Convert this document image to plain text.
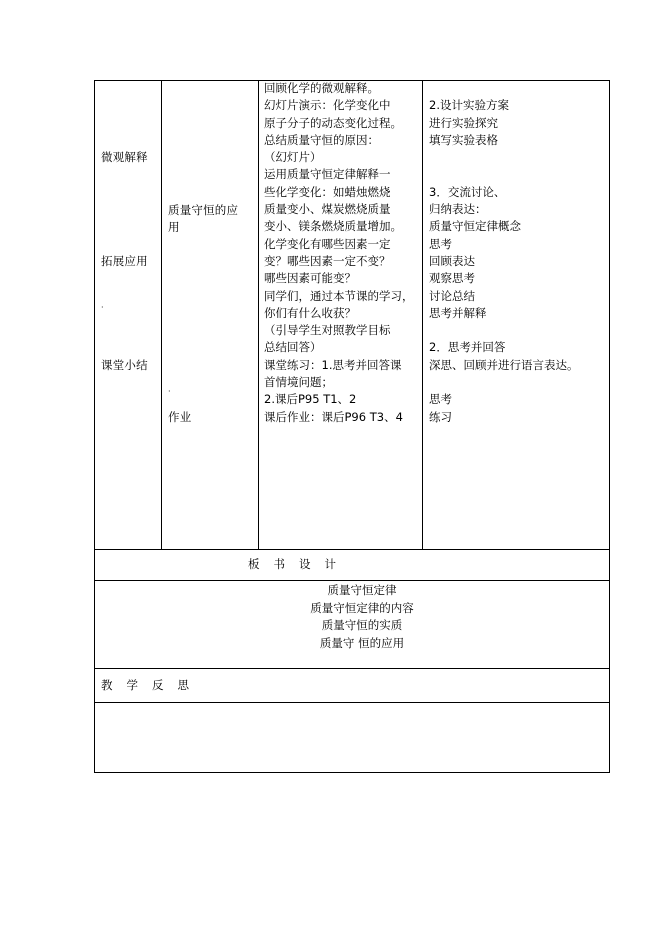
微观解释
拓展应用
·
课堂小结
质量守恒的应
用
·
作业
回顾化学的微观解释。
幻灯片演示：化学变化中
原子分子的动态变化过程。
总结质量守恒的原因：
（幻灯片）
运用质量守恒定律解释一
些化学变化：如蜡烛燃烧
质量变小、煤炭燃烧质量
变小、镁条燃烧质量增加。
化学变化有哪些因素一定
变？哪些因素一定不变？
哪些因素可能变？
同学们，通过本节课的学习，
你们有什么收获？
（引导学生对照教学目标
总结回答）
课堂练习：1.思考并回答课
首情境问题；
2.课后P95 T1、2
课后作业：课后P96 T3、4
2.设计实验方案
进行实验探究
填写实验表格
3．交流讨论、
归纳表达：
质量守恒定律概念
思考
回顾表达
观察思考
讨论总结
思考并解释
2．思考并回答
深思、回顾并进行语言表达。
思考
练习
板书设计
质量守恒定律
质量守恒定律的内容
质量守恒的实质
质量守 恒的应用
教学反思
